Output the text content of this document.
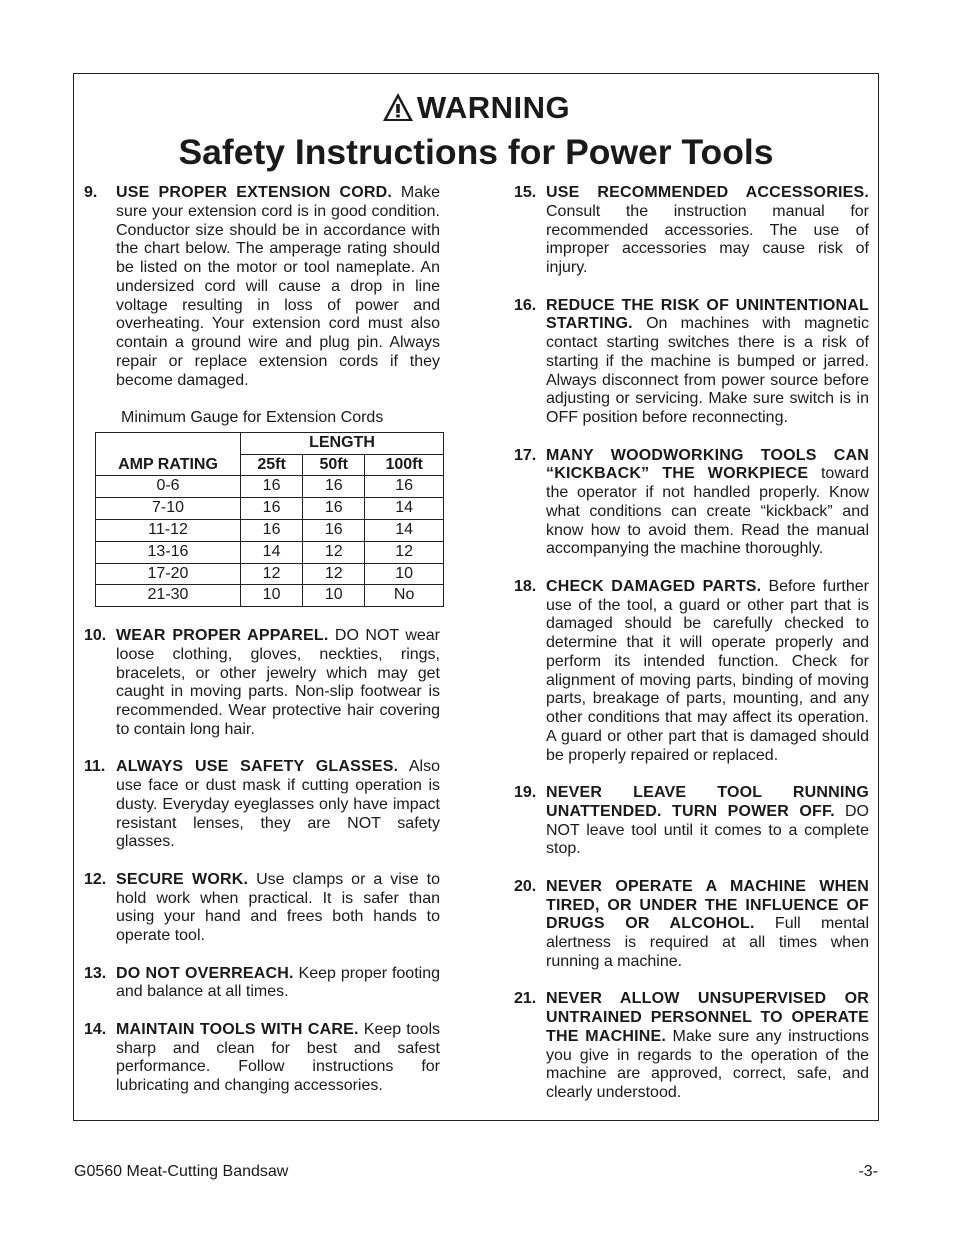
WARNING
Safety Instructions for Power Tools
9.	USE PROPER EXTENSION CORD. Make sure your extension cord is in good condition. Conductor size should be in accordance with the chart below. The amperage rating should be listed on the motor or tool nameplate. An undersized cord will cause a drop in line voltage resulting in loss of power and overheating. Your extension cord must also contain a ground wire and plug pin. Always repair or replace extension cords if they become damaged.
Minimum Gauge for Extension Cords
AMP RATING	LENGTH		
	25ft	50ft	100ft
0-6	16	16	16
7-10	16	16	14
11-12	16	16	14
13-16	14	12	12
17-20	12	12	10
21-30	10	10	No
10. WEAR PROPER APPAREL. DO NOT wear loose clothing, gloves, neckties, rings, bracelets, or other jewelry which may get caught in moving parts. Non-slip footwear is recommended. Wear protective hair covering to contain long hair.
11. ALWAYS USE SAFETY GLASSES. Also use face or dust mask if cutting operation is dusty. Everyday eyeglasses only have impact resistant lenses, they are NOT safety glasses.
12. SECURE WORK. Use clamps or a vise to hold work when practical. It is safer than using your hand and frees both hands to operate tool.
13. DO NOT OVERREACH. Keep proper footing and balance at all times.
14. MAINTAIN TOOLS WITH CARE. Keep tools sharp and clean for best and safest performance. Follow instructions for lubricating and changing accessories.
15. USE RECOMMENDED ACCESSORIES. Consult the instruction manual for recommended accessories. The use of improper accessories may cause risk of injury.
16. REDUCE THE RISK OF UNINTENTIONAL STARTING. On machines with magnetic contact starting switches there is a risk of starting if the machine is bumped or jarred. Always disconnect from power source before adjusting or servicing. Make sure switch is in OFF position before reconnecting.
17. MANY WOODWORKING TOOLS CAN “KICKBACK” THE WORKPIECE toward the operator if not handled properly. Know what conditions can create “kickback” and know how to avoid them. Read the manual accompanying the machine thoroughly.
18. CHECK DAMAGED PARTS. Before further use of the tool, a guard or other part that is damaged should be carefully checked to determine that it will operate properly and perform its intended function. Check for alignment of moving parts, binding of moving parts, breakage of parts, mounting, and any other conditions that may affect its operation. A guard or other part that is damaged should be properly repaired or replaced.
19. NEVER LEAVE TOOL RUNNING UNATTENDED. TURN POWER OFF. DO NOT leave tool until it comes to a complete stop.
20. NEVER OPERATE A MACHINE WHEN TIRED, OR UNDER THE INFLUENCE OF DRUGS OR ALCOHOL. Full mental alertness is required at all times when running a machine.
21. NEVER ALLOW UNSUPERVISED OR UNTRAINED PERSONNEL TO OPERATE THE MACHINE. Make sure any instructions you give in regards to the operation of the machine are approved, correct, safe, and clearly understood.
G0560 Meat-Cutting Bandsaw	-3-
